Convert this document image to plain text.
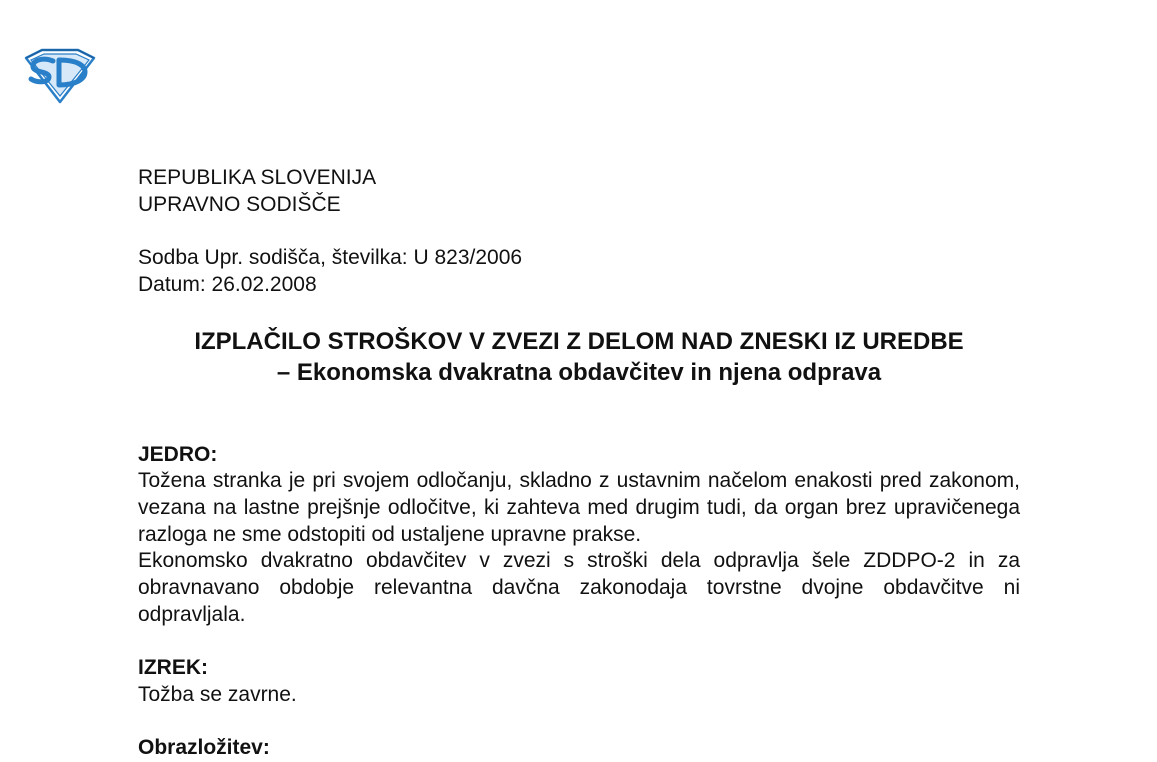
REPUBLIKA SLOVENIJA
UPRAVNO SODIŠČE
Sodba Upr. sodišča, številka: U 823/2006
Datum: 26.02.2008
IZPLAČILO STROŠKOV V ZVEZI Z DELOM NAD ZNESKI IZ UREDBE
– Ekonomska dvakratna obdavčitev in njena odprava
JEDRO:
Tožena stranka je pri svojem odločanju, skladno z ustavnim načelom enakosti pred zakonom, vezana na lastne prejšnje odločitve, ki zahteva med drugim tudi, da organ brez upravičenega razloga ne sme odstopiti od ustaljene upravne prakse.
Ekonomsko dvakratno obdavčitev v zvezi s stroški dela odpravlja šele ZDDPO-2 in za obravnavano obdobje relevantna davčna zakonodaja tovrstne dvojne obdavčitve ni odpravljala.
IZREK:
Tožba se zavrne.
Obrazložitev:
